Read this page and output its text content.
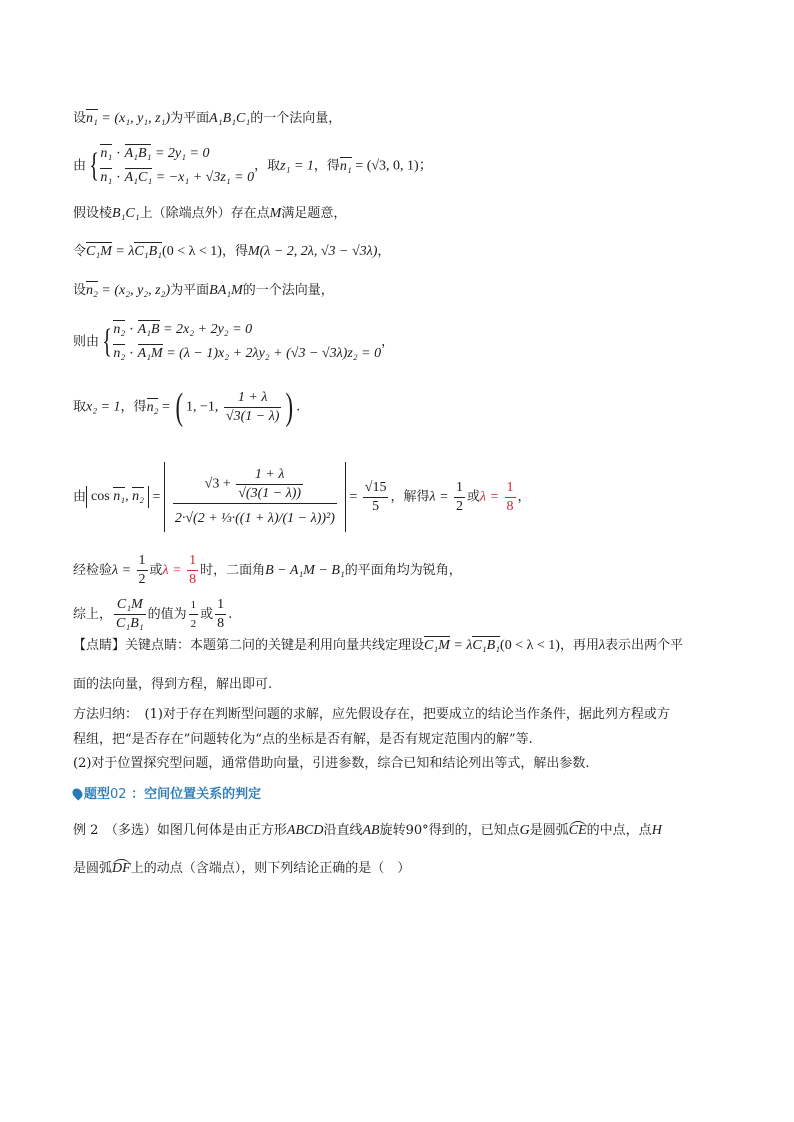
设n₁ = (x₁, y₁, z₁)为平面A₁B₁C₁的一个法向量，
由{ n₁ · A₁B₁ = 2y₁ = 0
n₁ · A₁C₁ = −x₁ + √3z₁ = 0
，取z₁ = 1，得n₁ = (√3, 0, 1)；
假设棱B₁C₁上（除端点外）存在点M满足题意，
令C₁M = λC₁B₁(0 < λ < 1)，得M(λ − 2, 2λ, √3 − √3λ)，
设n₂ = (x₂, y₂, z₂)为平面BA₁M的一个法向量，
则由{ n₂ · A₁B = 2x₂ + 2y₂ = 0
n₂ · A₁M = (λ − 1)x₂ + 2λy₂ + (√3 − √3λ)z₂ = 0
，
取x₂ = 1，得n₂ = ( 1, −1, $\frac{1 + \lambda}{√3(1 - \lambda)}$ ) .
由 cos n₁, $n_2 = \frac{√3 + \frac{1 + \lambda}{√(3(1 - \lambda))}}{\text{2·√(2 + ⅓·((1 + λ)/(1 − λ))²)}} = \frac{√15}{5}$ ，解得$\lambda = \frac{1}{2}$ 或$\lambda = \frac{1}{8}$ ，
经检验$\lambda = \frac{1}{2}$ 或$\lambda = \frac{1}{8}$ 时，二面角B − A₁M − B₁的平面角均为锐角，
综上， $\frac{\text{C₁M}}{\text{C₁B₁}}$ 的值为 $\frac{1}{2}$ 或 $\frac{1}{8}$ .
【点睛】关键点睛：本题第二问的关键是利用向量共线定理设C₁M = λC₁B₁(0 < λ < 1)，再用λ表示出两个平
面的法向量，得到方程，解出即可.
方法归纳：　(1)对于存在判断型问题的求解，应先假设存在，把要成立的结论当作条件，据此列方程或方
程组，把“是否存在”问题转化为“点的坐标是否有解，是否有规定范围内的解”等.
(2)对于位置探究型问题，通常借助向量，引进参数，综合已知和结论列出等式，解出参数.
题型02 ：空间位置关系的判定
例 2　（多选）如图几何体是由正方形ABCD沿直线AB旋转90°得到的，已知点G是圆弧CE的中点，点H
是圆弧DF上的动点（含端点），则下列结论正确的是（　）
